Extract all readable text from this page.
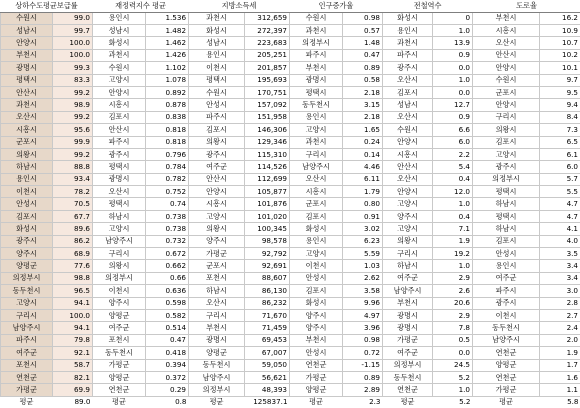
상하수도평균보급률		재정력지수 평균		지방소득세		인구증가율		전철역수		도로율	
수원시	99.0	용인시	1.536	과천시	312,659	수원시	0.98	화성시	0	부천시	16.2
성남시	99.7	성남시	1.482	화성시	272,397	과천시	0.57	용인시	1.0	시흥시	10.9
안양시	100.0	화성시	1.462	성남시	223,683	의정부시	1.48	과천시	13.9	오산시	10.7
부천시	100.0	과천시	1.426	용인시	205,251	파주시	0.47	파주시	0.9	안산시	10.2
광명시	99.3	수원시	1.102	이천시	201,857	부천시	0.89	광주시	0.0	안양시	10.1
평택시	83.3	고양시	1.078	평택시	195,693	광명시	0.58	오산시	1.0	수원시	9.7
안산시	99.2	안양시	0.892	수원시	170,751	평택시	2.18	김포시	0.0	군포시	9.5
과천시	98.9	시흥시	0.878	안성시	157,092	동두천시	3.15	성남시	12.7	안양시	9.4
오산시	99.2	김포시	0.838	파주시	151,958	용인시	2.18	오산시	0.9	구리시	8.4
시흥시	95.6	안산시	0.818	김포시	146,306	고양시	1.65	수원시	6.6	의왕시	7.3
군포시	99.9	파주시	0.818	의왕시	129,346	과천시	0.24	안양시	6.0	김포시	6.5
의왕시	99.2	광주시	0.796	광주시	115,310	구리시	0.14	시흥시	2.2	고양시	6.1
하남시	88.8	평택시	0.784	여주군	114,526	남양주시	4.46	안산시	5.4	광주시	6.0
용인시	93.4	광명시	0.782	안산시	112,699	오산시	6.11	오산시	0.4	의정부시	5.7
이천시	78.2	오산시	0.752	안양시	105,877	시흥시	1.79	안양시	12.0	평택시	5.5
안성시	70.5	평택시	0.74	시흥시	101,876	군포시	0.80	고양시	1.0	하남시	4.7
김포시	67.7	하남시	0.738	고양시	101,020	김포시	0.91	양주시	0.4	평택시	4.7
화성시	89.6	고양시	0.738	의왕시	100,345	화성시	3.02	고양시	7.1	하남시	4.1
광주시	86.2	남양주시	0.732	양주시	98,578	용인시	6.23	의왕시	1.9	김포시	4.0
양주시	68.9	구리시	0.672	가평군	92,792	고양시	5.59	구리시	19.2	안성시	3.5
양평군	77.6	의왕시	0.662	군포시	92,691	이천시	1.03	하남시	1.0	용인시	3.4
의정부시	98.8	의정부시	0.66	포천시	88,607	안성시	2.62	여주군	2.9	여주군	3.4
동두천시	96.5	이천시	0.636	하남시	86,130	김포시	3.58	남양주시	2.6	파주시	3.0
고양시	94.1	양주시	0.598	오산시	86,232	화성시	9.96	부천시	20.6	광주시	2.8
구리시	100.0	양평군	0.582	구리시	71,670	양주시	4.97	광명시	2.9	이천시	2.7
남양주시	94.1	여주군	0.514	부천시	71,459	양주시	3.96	광명시	7.8	동두천시	2.4
파주시	79.8	포천시	0.47	광명시	69,453	부천시	0.98	가평군	0.5	남양주시	2.0
여주군	92.1	동두천시	0.418	양평군	67,007	안성시	0.72	여주군	0.0	연천군	1.9
포천시	58.7	가평군	0.394	동두천시	59,050	연천군	-1.15	의정부시	24.5	양평군	1.7
연천군	82.1	양평군	0.372	남양주시	56,621	가평군	0.89	동두천시	5.2	연천군	1.6
가평군	69.9	연천군	0.29	의정부시	48,393	양평군	2.89	연천군	1.0	가평군	1.1
평균	89.0	평균	0.8	평균	125837.1	평균	2.3	평균	5.2	평균	5.8
